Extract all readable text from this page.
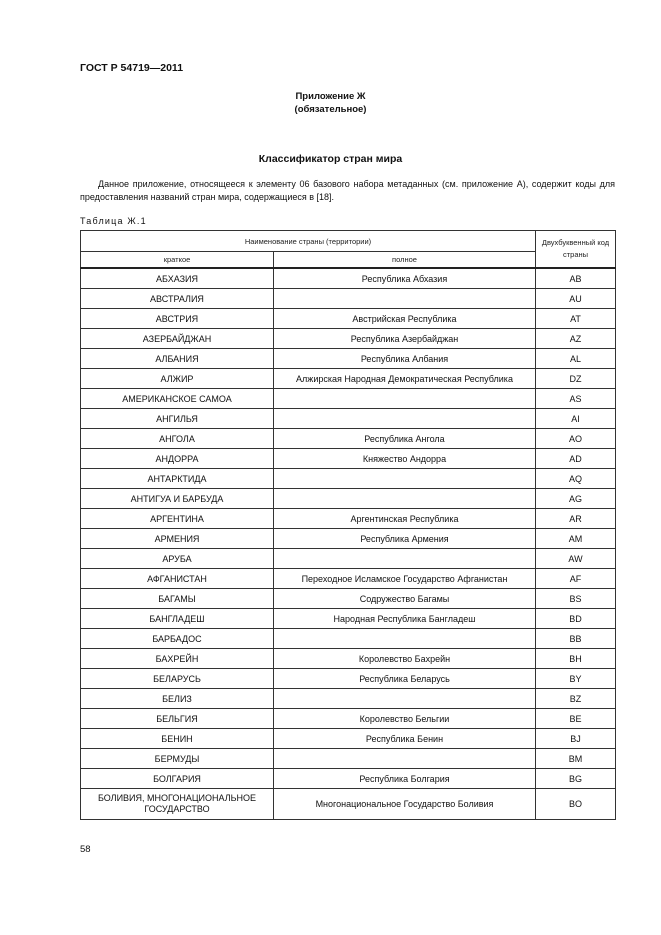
ГОСТ Р 54719—2011
Приложение Ж
(обязательное)
Классификатор стран мира
Данное приложение, относящееся к элементу 06 базового набора метаданных (см. приложение А), содержит коды для предоставления названий стран мира, содержащиеся в [18].
Таблица Ж.1
Наименование страны (территории)		Двухбуквенный код страны
краткое	полное	
АБХАЗИЯ	Республика Абхазия	AB
АВСТРАЛИЯ		AU
АВСТРИЯ	Австрийская Республика	AT
АЗЕРБАЙДЖАН	Республика Азербайджан	AZ
АЛБАНИЯ	Республика Албания	AL
АЛЖИР	Алжирская Народная Демократическая Республика	DZ
АМЕРИКАНСКОЕ САМОА		AS
АНГИЛЬЯ		AI
АНГОЛА	Республика Ангола	AO
АНДОРРА	Княжество Андорра	AD
АНТАРКТИДА		AQ
АНТИГУА И БАРБУДА		AG
АРГЕНТИНА	Аргентинская Республика	AR
АРМЕНИЯ	Республика Армения	AM
АРУБА		AW
АФГАНИСТАН	Переходное Исламское Государство Афганистан	AF
БАГАМЫ	Содружество Багамы	BS
БАНГЛАДЕШ	Народная Республика Бангладеш	BD
БАРБАДОС		BB
БАХРЕЙН	Королевство Бахрейн	BH
БЕЛАРУСЬ	Республика Беларусь	BY
БЕЛИЗ		BZ
БЕЛЬГИЯ	Королевство Бельгии	BE
БЕНИН	Республика Бенин	BJ
БЕРМУДЫ		BM
БОЛГАРИЯ	Республика Болгария	BG
БОЛИВИЯ, МНОГОНАЦИОНАЛЬНОЕ ГОСУДАРСТВО	Многонациональное Государство Боливия	BO
58
